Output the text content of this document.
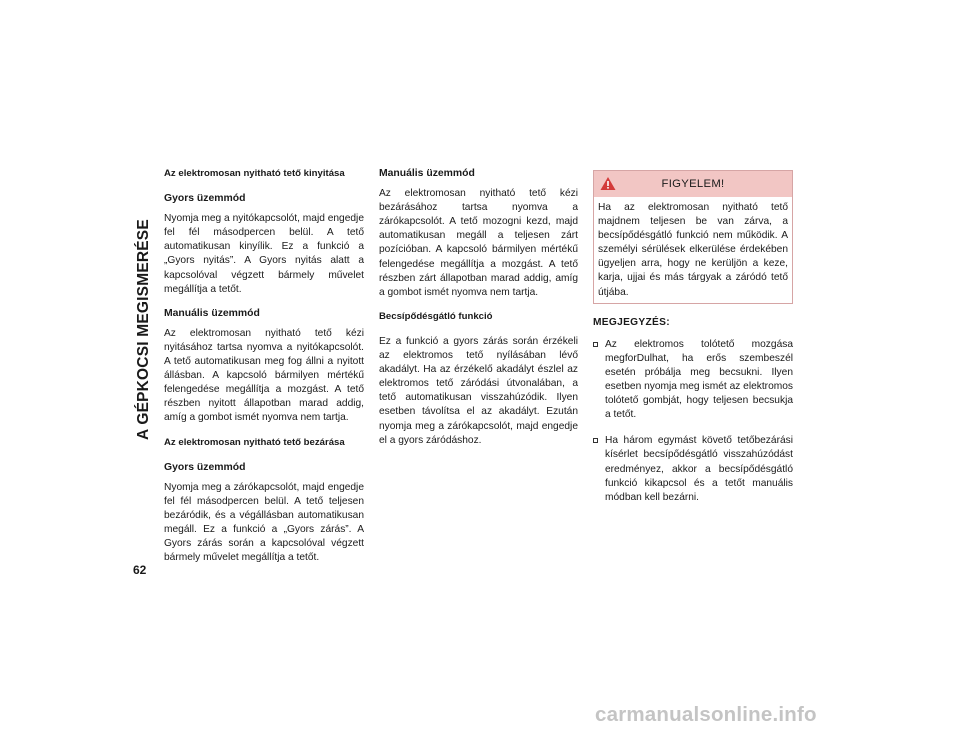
A GÉPKOCSI MEGISMERÉSE
62
Az elektromosan nyitható tető kinyitása
Gyors üzemmód

Nyomja meg a nyitókapcsolót, majd engedje fel fél másodpercen belül. A tető automatikusan kinyílik. Ez a funkció a „Gyors nyitás”. A Gyors nyitás alatt a kapcsolóval végzett bármely művelet megállítja a tetőt.

Manuális üzemmód

Az elektromosan nyitható tető kézi nyitásához tartsa nyomva a nyitókapcsolót. A tető automatikusan meg fog állni a nyitott állásban. A kapcsoló bármilyen mértékű felengedése megállítja a mozgást. A tető részben nyitott állapotban marad addig, amíg a gombot ismét nyomva nem tartja.

Az elektromosan nyitható tető bezárása
Gyors üzemmód

Nyomja meg a zárókapcsolót, majd engedje fel fél másodpercen belül. A tető teljesen bezáródik, és a végállásban automatikusan megáll. Ez a funkció a „Gyors zárás”. A Gyors zárás során a kapcsolóval végzett bármely művelet megállítja a tetőt.

Manuális üzemmód

Az elektromosan nyitható tető kézi bezárásához tartsa nyomva a zárókapcsolót. A tető mozogni kezd, majd automatikusan megáll a teljesen zárt pozícióban. A kapcsoló bármilyen mértékű felengedése megállítja a mozgást. A tető részben zárt állapotban marad addig, amíg a gombot ismét nyomva nem tartja.

Becsípődésgátló funkció

Ez a funkció a gyors zárás során érzékeli az elektromos tető nyílásában lévő akadályt. Ha az érzékelő akadályt észlel az elektromos tető záródási útvonalában, a tető automatikusan visszahúzódik. Ilyen esetben távolítsa el az akadályt. Ezután nyomja meg a zárókapcsolót, majd engedje el a gyors záródáshoz.

FIGYELEM!
Ha az elektromosan nyitható tető majdnem teljesen be van zárva, a becsípődésgátló funkció nem működik. A személyi sérülések elkerülése érdekében ügyeljen arra, hogy ne kerüljön a keze, karja, ujjai és más tárgyak a záródó tető útjába.
MEGJEGYZÉS:
Az elektromos tolótető mozgása megforDulhat, ha erős szembeszél esetén próbálja meg becsukni. Ilyen esetben nyomja meg ismét az elektromos tolótető gombját, hogy teljesen becsukja a tetőt.
Ha három egymást követő tetőbezárási kísérlet becsípődésgátló visszahúzódást eredményez, akkor a becsípődésgátló funkció kikapcsol és a tetőt manuális módban kell bezárni.
carmanualsonline.info
